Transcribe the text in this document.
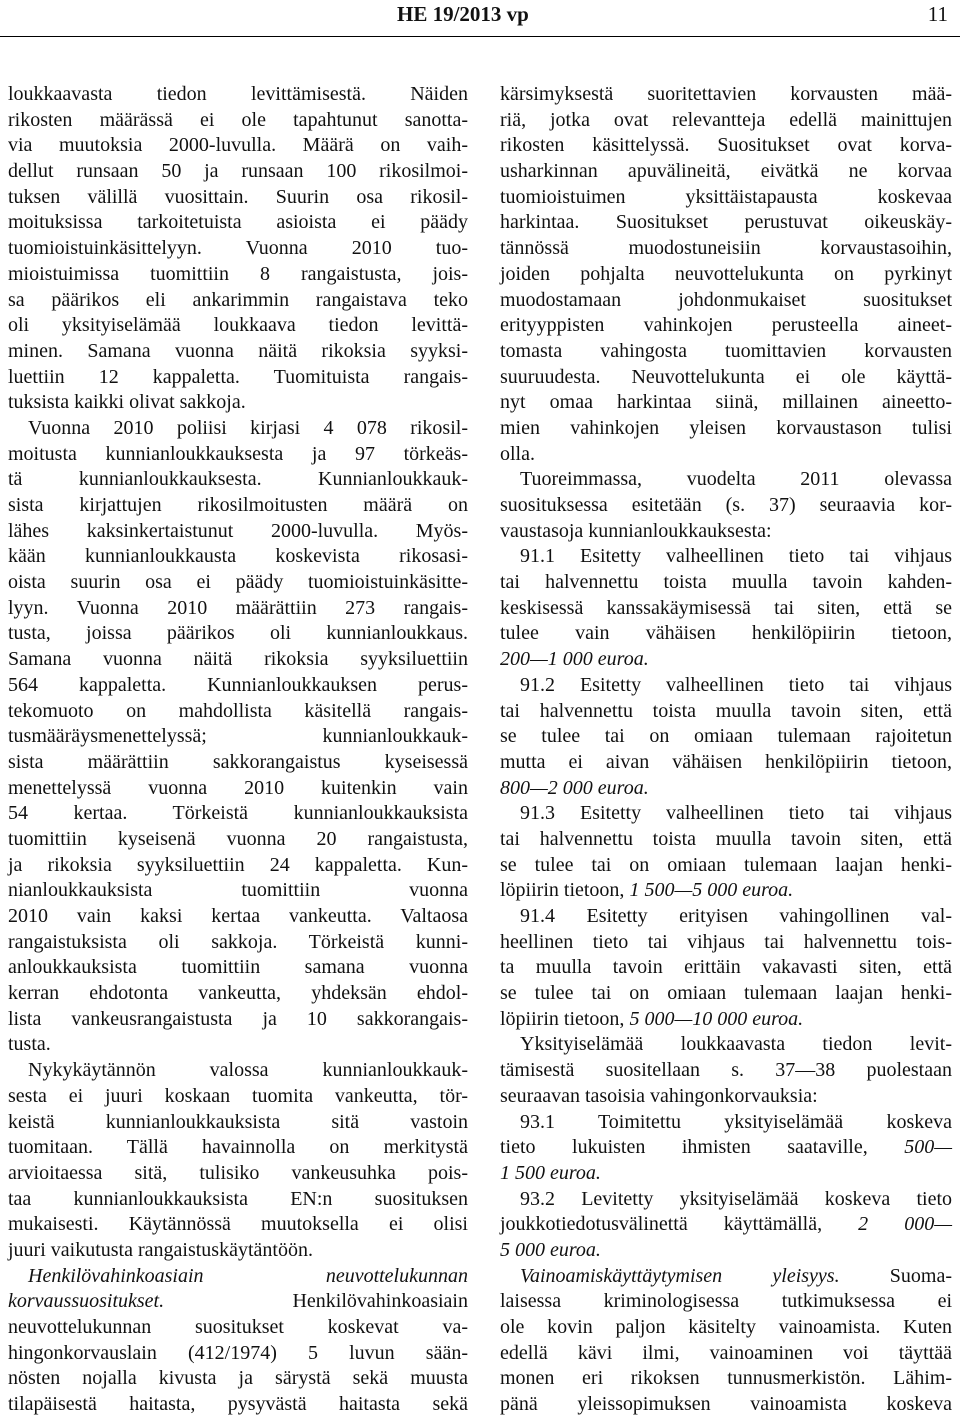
HE 19/2013 vp	11
loukkaavasta tiedon levittämisestä. Näiden
rikosten määrässä ei ole tapahtunut sanotta-
via muutoksia 2000-luvulla. Määrä on vaih-
dellut runsaan 50 ja runsaan 100 rikosilmoi-
tuksen välillä vuosittain. Suurin osa rikosil-
moituksissa tarkoitetuista asioista ei päädy
tuomioistuinkäsittelyyn. Vuonna 2010 tuo-
mioistuimissa tuomittiin 8 rangaistusta, jois-
sa päärikos eli ankarimmin rangaistava teko
oli yksityiselämää loukkaava tiedon levittä-
minen. Samana vuonna näitä rikoksia syyksi-
luettiin 12 kappaletta. Tuomituista rangais-
tuksista kaikki olivat sakkoja.
Vuonna 2010 poliisi kirjasi 4 078 rikosil-
moitusta kunnianloukkauksesta ja 97 törkeäs-
tä kunnianloukkauksesta. Kunnianloukkauk-
sista kirjattujen rikosilmoitusten määrä on
lähes kaksinkertaistunut 2000-luvulla. Myös-
kään kunnianloukkausta koskevista rikosasi-
oista suurin osa ei päädy tuomioistuinkäsitte-
lyyn. Vuonna 2010 määrättiin 273 rangais-
tusta, joissa päärikos oli kunnianloukkaus.
Samana vuonna näitä rikoksia syyksiluettiin
564 kappaletta. Kunnianloukkauksen perus-
tekomuoto on mahdollista käsitellä rangais-
tusmääräysmenettelyssä; kunnianloukkauk-
sista määrättiin sakkorangaistus kyseisessä
menettelyssä vuonna 2010 kuitenkin vain
54 kertaa. Törkeistä kunnianloukkauksista
tuomittiin kyseisenä vuonna 20 rangaistusta,
ja rikoksia syyksiluettiin 24 kappaletta. Kun-
nianloukkauksista tuomittiin vuonna
2010 vain kaksi kertaa vankeutta. Valtaosa
rangaistuksista oli sakkoja. Törkeistä kunni-
anloukkauksista tuomittiin samana vuonna
kerran ehdotonta vankeutta, yhdeksän ehdol-
lista vankeusrangaistusta ja 10 sakkorangais-
tusta.
Nykykäytännön valossa kunnianloukkauk-
sesta ei juuri koskaan tuomita vankeutta, tör-
keistä kunnianloukkauksista sitä vastoin
tuomitaan. Tällä havainnolla on merkitystä
arvioitaessa sitä, tulisiko vankeusuhka pois-
taa kunnianloukkauksista EN:n suosituksen
mukaisesti. Käytännössä muutoksella ei olisi
juuri vaikutusta rangaistuskäytäntöön.
Henkilövahinkoasiain neuvottelukunnan
korvaussuositukset. Henkilövahinkoasiain
neuvottelukunnan suositukset koskevat va-
hingonkorvauslain (412/1974) 5 luvun sään-
nösten nojalla kivusta ja särystä sekä muusta
tilapäisestä haitasta, pysyvästä haitasta sekä
kärsimyksestä suoritettavien korvausten mää-
riä, jotka ovat relevantteja edellä mainittujen
rikosten käsittelyssä. Suositukset ovat korva-
usharkinnan apuvälineitä, eivätkä ne korvaa
tuomioistuimen yksittäistapausta koskevaa
harkintaa. Suositukset perustuvat oikeuskäy-
tännössä muodostuneisiin korvaustasoihin,
joiden pohjalta neuvottelukunta on pyrkinyt
muodostamaan johdonmukaiset suositukset
erityyppisten vahinkojen perusteella aineet-
tomasta vahingosta tuomittavien korvausten
suuruudesta. Neuvottelukunta ei ole käyttä-
nyt omaa harkintaa siinä, millainen aineetto-
mien vahinkojen yleisen korvaustason tulisi
olla.
Tuoreimmassa, vuodelta 2011 olevassa
suosituksessa esitetään (s. 37) seuraavia kor-
vaustasoja kunnianloukkauksesta:
91.1 Esitetty valheellinen tieto tai vihjaus
tai halvennettu toista muulla tavoin kahden-
keskisessä kanssakäymisessä tai siten, että se
tulee vain vähäisen henkilöpiirin tietoon,
200—1 000 euroa.
91.2 Esitetty valheellinen tieto tai vihjaus
tai halvennettu toista muulla tavoin siten, että
se tulee tai on omiaan tulemaan rajoitetun
mutta ei aivan vähäisen henkilöpiirin tietoon,
800—2 000 euroa.
91.3 Esitetty valheellinen tieto tai vihjaus
tai halvennettu toista muulla tavoin siten, että
se tulee tai on omiaan tulemaan laajan henki-
löpiirin tietoon, 1 500—5 000 euroa.
91.4 Esitetty erityisen vahingollinen val-
heellinen tieto tai vihjaus tai halvennettu tois-
ta muulla tavoin erittäin vakavasti siten, että
se tulee tai on omiaan tulemaan laajan henki-
löpiirin tietoon, 5 000—10 000 euroa.
Yksityiselämää loukkaavasta tiedon levit-
tämisestä suositellaan s. 37—38 puolestaan
seuraavan tasoisia vahingonkorvauksia:
93.1 Toimitettu yksityiselämää koskeva
tieto lukuisten ihmisten saataville, 500—
1 500 euroa.
93.2 Levitetty yksityiselämää koskeva tieto
joukkotiedotusvälinettä käyttämällä, 2 000—
5 000 euroa.
Vainoamiskäyttäytymisen yleisyys. Suoma-
laisessa kriminologisessa tutkimuksessa ei
ole kovin paljon käsitelty vainoamista. Kuten
edellä kävi ilmi, vainoaminen voi täyttää
monen eri rikoksen tunnusmerkistön. Lähim-
pänä yleissopimuksen vainoamista koskeva
